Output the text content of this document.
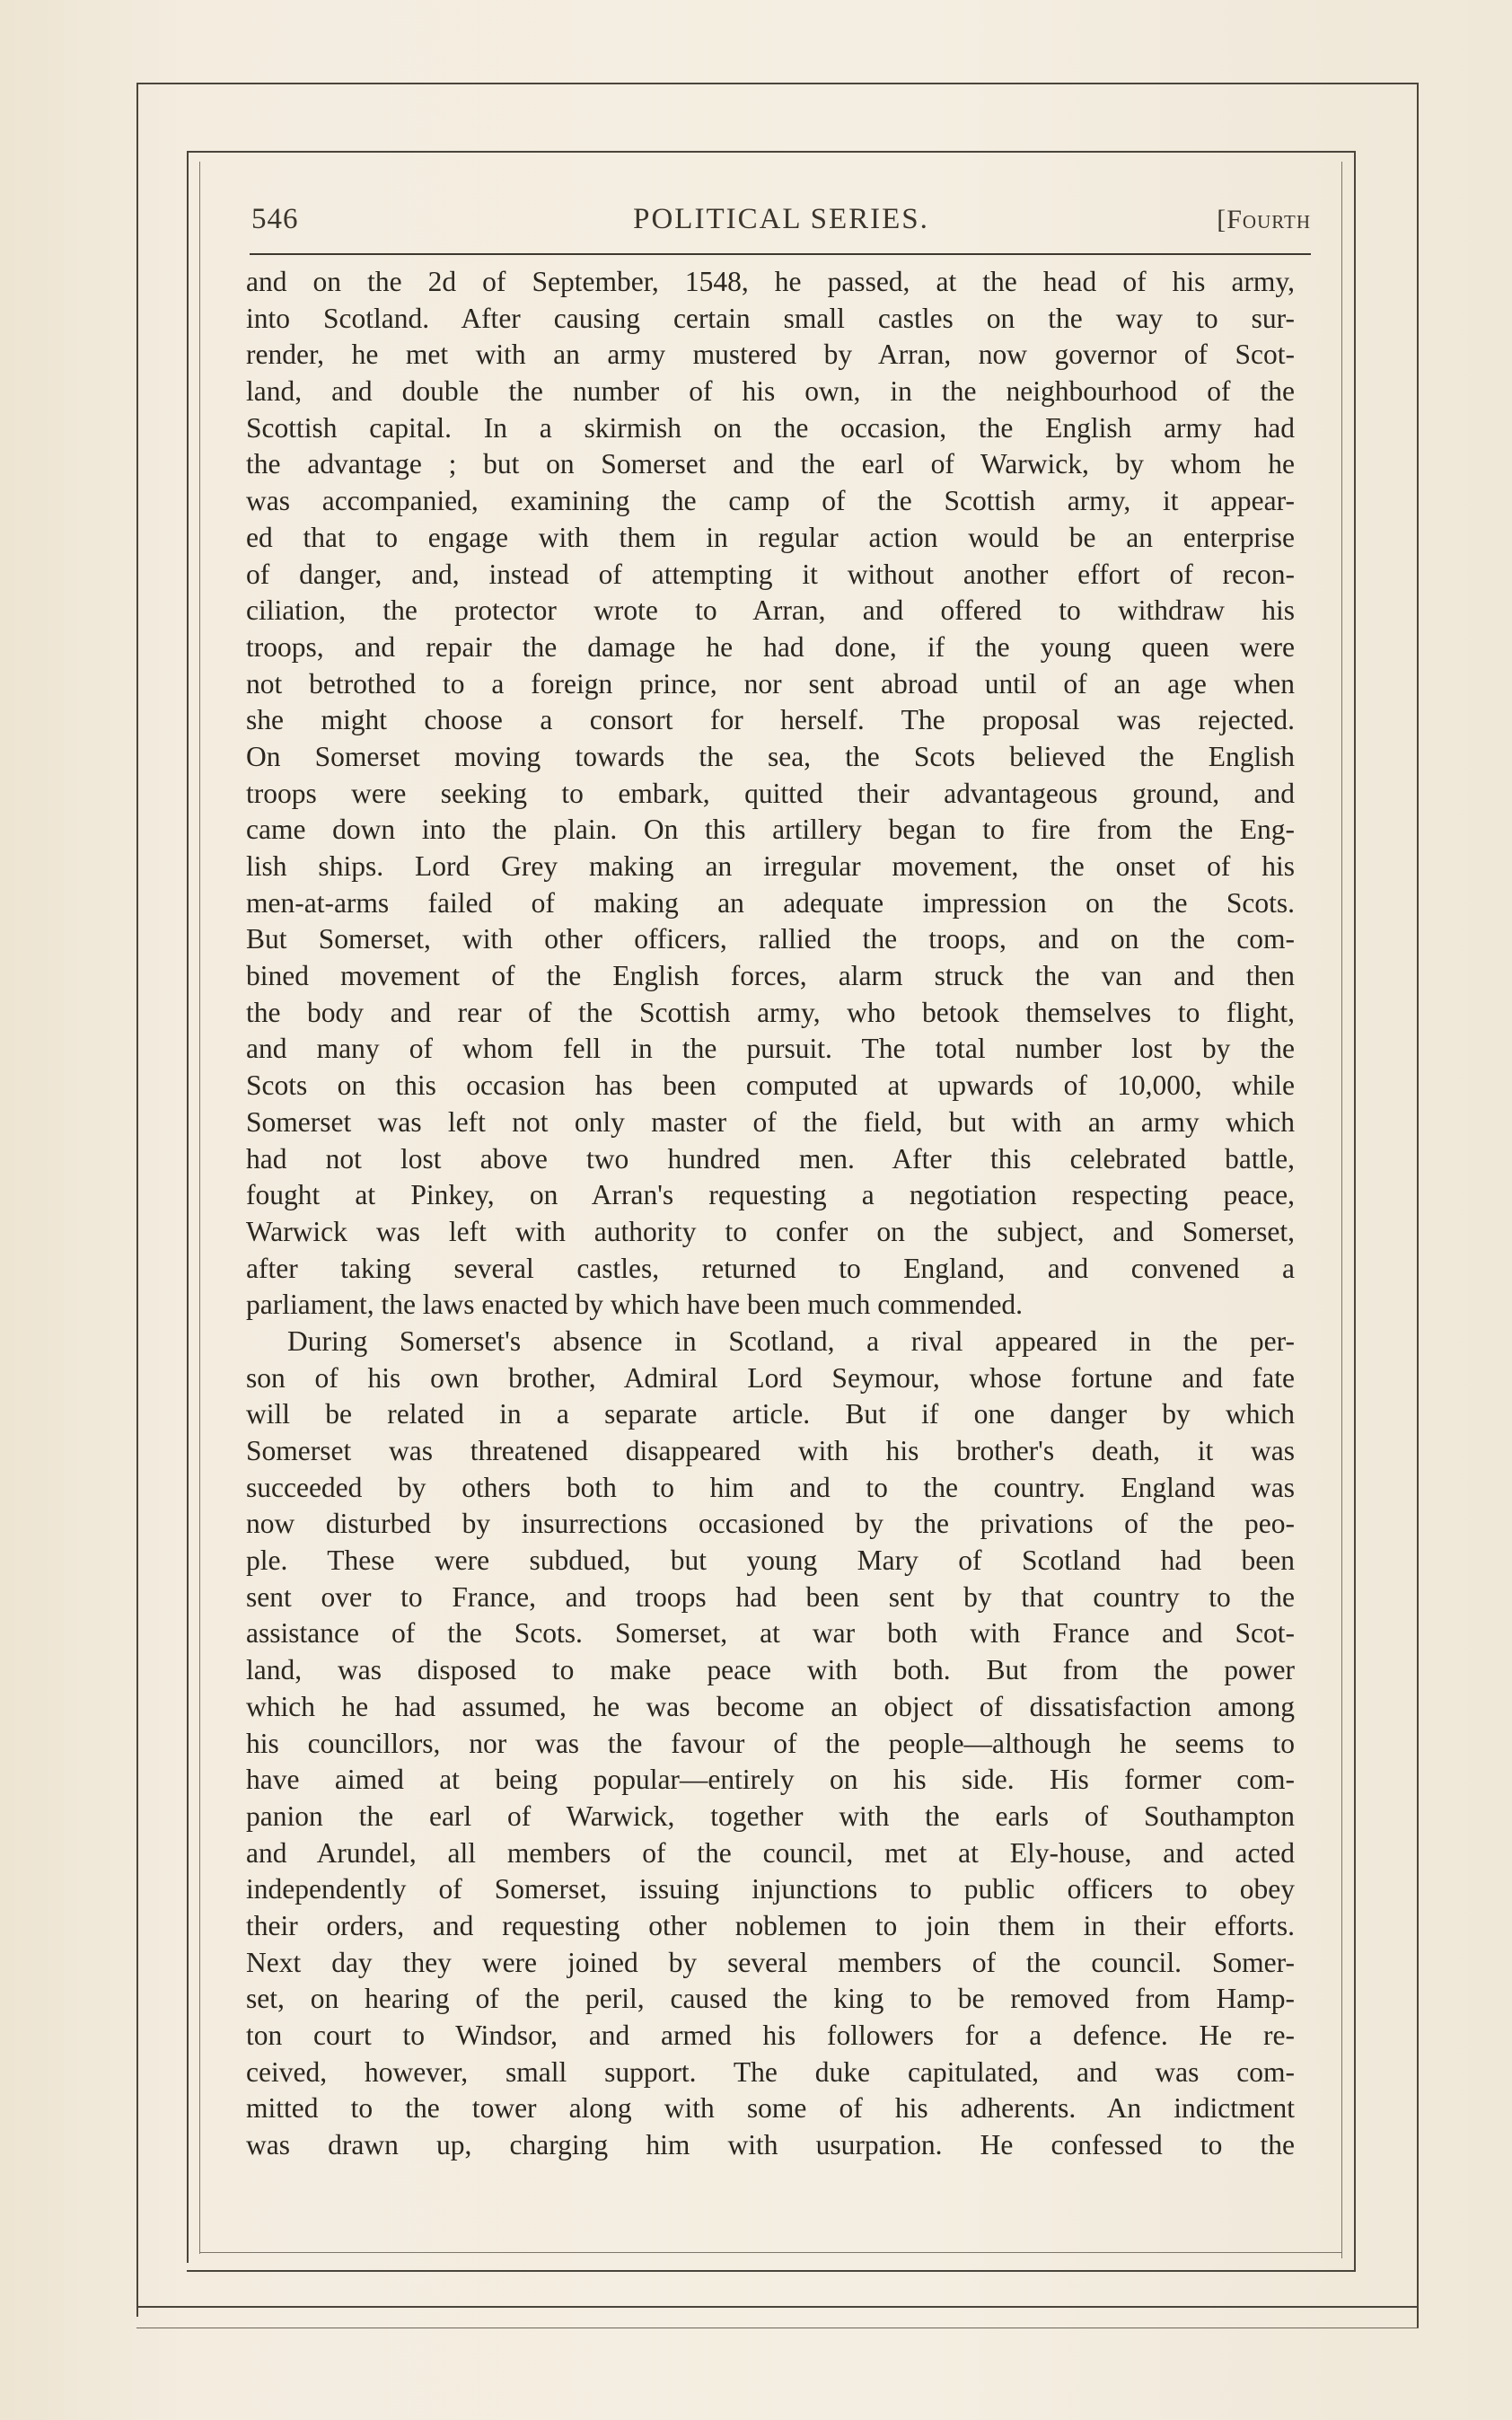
546	POLITICAL SERIES.	[Fourth
and on the 2d of September, 1548, he passed, at the head of his army,
into Scotland. After causing certain small castles on the way to sur-
render, he met with an army mustered by Arran, now governor of Scot-
land, and double the number of his own, in the neighbourhood of the
Scottish capital. In a skirmish on the occasion, the English army had
the advantage ; but on Somerset and the earl of Warwick, by whom he
was accompanied, examining the camp of the Scottish army, it appear-
ed that to engage with them in regular action would be an enterprise
of danger, and, instead of attempting it without another effort of recon-
ciliation, the protector wrote to Arran, and offered to withdraw his
troops, and repair the damage he had done, if the young queen were
not betrothed to a foreign prince, nor sent abroad until of an age when
she might choose a consort for herself. The proposal was rejected.
On Somerset moving towards the sea, the Scots believed the English
troops were seeking to embark, quitted their advantageous ground, and
came down into the plain. On this artillery began to fire from the Eng-
lish ships. Lord Grey making an irregular movement, the onset of his
men-at-arms failed of making an adequate impression on the Scots.
But Somerset, with other officers, rallied the troops, and on the com-
bined movement of the English forces, alarm struck the van and then
the body and rear of the Scottish army, who betook themselves to flight,
and many of whom fell in the pursuit. The total number lost by the
Scots on this occasion has been computed at upwards of 10,000, while
Somerset was left not only master of the field, but with an army which
had not lost above two hundred men. After this celebrated battle,
fought at Pinkey, on Arran's requesting a negotiation respecting peace,
Warwick was left with authority to confer on the subject, and Somerset,
after taking several castles, returned to England, and convened a
parliament, the laws enacted by which have been much commended.
During Somerset's absence in Scotland, a rival appeared in the per-
son of his own brother, Admiral Lord Seymour, whose fortune and fate
will be related in a separate article. But if one danger by which
Somerset was threatened disappeared with his brother's death, it was
succeeded by others both to him and to the country. England was
now disturbed by insurrections occasioned by the privations of the peo-
ple. These were subdued, but young Mary of Scotland had been
sent over to France, and troops had been sent by that country to the
assistance of the Scots. Somerset, at war both with France and Scot-
land, was disposed to make peace with both. But from the power
which he had assumed, he was become an object of dissatisfaction among
his councillors, nor was the favour of the people—although he seems to
have aimed at being popular—entirely on his side. His former com-
panion the earl of Warwick, together with the earls of Southampton
and Arundel, all members of the council, met at Ely-house, and acted
independently of Somerset, issuing injunctions to public officers to obey
their orders, and requesting other noblemen to join them in their efforts.
Next day they were joined by several members of the council. Somer-
set, on hearing of the peril, caused the king to be removed from Hamp-
ton court to Windsor, and armed his followers for a defence. He re-
ceived, however, small support. The duke capitulated, and was com-
mitted to the tower along with some of his adherents. An indictment
was drawn up, charging him with usurpation. He confessed to the
